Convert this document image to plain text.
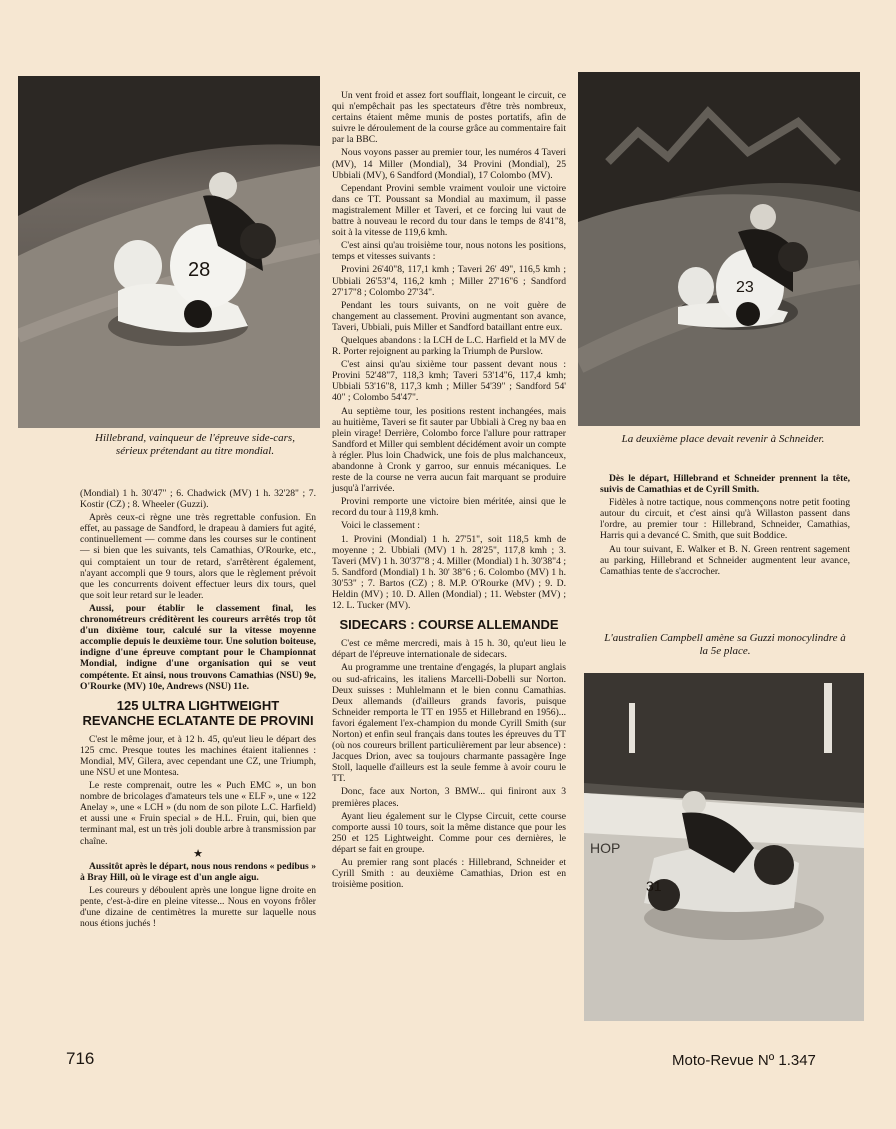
28
Hillebrand, vainqueur de l'épreuve side-cars, sérieux prétendant au titre mondial.
23
La deuxième place devait revenir à Schneider.
31
HOP

(Mondial) 1 h. 30'47" ; 6. Chadwick (MV) 1 h. 32'28" ; 7. Kostir (CZ) ; 8. Wheeler (Guzzi).

Après ceux-ci règne une très regrettable confusion. En effet, au passage de Sandford, le drapeau à damiers fut agité, continuellement — comme dans les courses sur le continent — si bien que les suivants, tels Camathias, O'Rourke, etc., qui comptaient un tour de retard, s'arrêtèrent également, n'ayant accompli que 9 tours, alors que le règlement prévoit que les concurrents doivent effectuer leurs dix tours, quel que soit leur retard sur le leader.

Aussi, pour établir le classement final, les chronométreurs créditèrent les coureurs arrêtés trop tôt d'un dixième tour, calculé sur la vitesse moyenne accomplie depuis le deuxième tour. Une solution boiteuse, indigne d'une épreuve comptant pour le Championnat Mondial, indigne d'une organisation qui se veut compétente. Et ainsi, nous trouvons Camathias (NSU) 9e, O'Rourke (MV) 10e, Andrews (NSU) 11e.

125 ULTRA LIGHTWEIGHT REVANCHE ECLATANTE DE PROVINI

C'est le même jour, et à 12 h. 45, qu'eut lieu le départ des 125 cmc. Presque toutes les machines étaient italiennes : Mondial, MV, Gilera, avec cependant une CZ, une Triumph, une NSU et une Montesa.

Le reste comprenait, outre les « Puch EMC », un bon nombre de bricolages d'amateurs tels une « ELF », une « 122 Anelay », une « LCH » (du nom de son pilote L.C. Harfield) et aussi une « Fruin special » de H.L. Fruin, qui, bien que terminant mal, est un très joli double arbre à transmission par chaîne.

★

Aussitôt après le départ, nous nous rendons « pedibus » à Bray Hill, où le virage est d'un angle aigu.

Les coureurs y déboulent après une longue ligne droite en pente, c'est-à-dire en pleine vitesse... Nous en voyons frôler d'une dizaine de centimètres la murette sur laquelle nous nous étions juchés !

Un vent froid et assez fort soufflait, longeant le circuit, ce qui n'empêchait pas les spectateurs d'être très nombreux, certains étaient même munis de postes portatifs, afin de suivre le déroulement de la course grâce au commentaire fait par la BBC.

Nous voyons passer au premier tour, les numéros 4 Taveri (MV), 14 Miller (Mondial), 34 Provini (Mondial), 25 Ubbiali (MV), 6 Sandford (Mondial), 17 Colombo (MV).

Cependant Provini semble vraiment vouloir une victoire dans ce TT. Poussant sa Mondial au maximum, il passe magistralement Miller et Taveri, et ce forcing lui vaut de battre à nouveau le record du tour dans le temps de 8'41"8, soit à la vitesse de 119,6 kmh.

C'est ainsi qu'au troisième tour, nous notons les positions, temps et vitesses suivants :

Provini 26'40"8, 117,1 kmh ; Taveri 26' 49", 116,5 kmh ; Ubbiali 26'53"4, 116,2 kmh ; Miller 27'16"6 ; Sandford 27'17"8 ; Colombo 27'34".

Pendant les tours suivants, on ne voit guère de changement au classement. Provini augmentant son avance, Taveri, Ubbiali, puis Miller et Sandford bataillant entre eux.

Quelques abandons : la LCH de L.C. Harfield et la MV de R. Porter rejoignent au parking la Triumph de Purslow.

C'est ainsi qu'au sixième tour passent devant nous : Provini 52'48"7, 118,3 kmh; Taveri 53'14"6, 117,4 kmh; Ubbiali 53'16"8, 117,3 kmh ; Miller 54'39" ; Sandford 54' 40" ; Colombo 54'47".

Au septième tour, les positions restent inchangées, mais au huitième, Taveri se fit sauter par Ubbiali à Creg ny baa en plein virage! Derrière, Colombo force l'allure pour rattraper Sandford et Miller qui semblent décidément avoir un compte à régler. Plus loin Chadwick, une fois de plus malchanceux, abandonne à Cronk y garroo, sur ennuis mécaniques. Le reste de la course ne verra aucun fait marquant se produire jusqu'à l'arrivée.

Provini remporte une victoire bien méritée, ainsi que le record du tour à 119,8 kmh.

Voici le classement :

1. Provini (Mondial) 1 h. 27'51", soit 118,5 kmh de moyenne ; 2. Ubbiali (MV) 1 h. 28'25", 117,8 kmh ; 3. Taveri (MV) 1 h. 30'37"8 ; 4. Miller (Mondial) 1 h. 30'38"4 ; 5. Sandford (Mondial) 1 h. 30' 38"6 ; 6. Colombo (MV) 1 h. 30'53" ; 7. Bartos (CZ) ; 8. M.P. O'Rourke (MV) ; 9. D. Heldin (MV) ; 10. D. Allen (Mondial) ; 11. Webster (MV) ; 12. L. Tucker (MV).

SIDECARS : COURSE ALLEMANDE

C'est ce même mercredi, mais à 15 h. 30, qu'eut lieu le départ de l'épreuve internationale de sidecars.

Au programme une trentaine d'engagés, la plupart anglais ou sud-africains, les italiens Marcelli-Dobelli sur Norton. Deux suisses : Muhlelmann et le bien connu Camathias. Deux allemands (d'ailleurs grands favoris, puisque Schneider remporta le TT en 1955 et Hillebrand en 1956)... favori également l'ex-champion du monde Cyrill Smith (sur Norton) et enfin seul français dans toutes les épreuves du TT (où nos coureurs brillent particulièrement par leur absence) : Jacques Drion, avec sa toujours charmante passagère Inge Stoll, laquelle d'ailleurs est la seule femme à avoir couru le TT.

Donc, face aux Norton, 3 BMW... qui finiront aux 3 premières places.

Ayant lieu également sur le Clypse Circuit, cette course comporte aussi 10 tours, soit la même distance que pour les 250 et 125 Lightweight. Comme pour ces dernières, le départ se fait en groupe.

Au premier rang sont placés : Hillebrand, Schneider et Cyrill Smith : au deuxième Camathias, Drion est en troisième position.

Dès le départ, Hillebrand et Schneider prennent la tête, suivis de Camathias et de Cyrill Smith.

Fidèles à notre tactique, nous commençons notre petit footing autour du circuit, et c'est ainsi qu'à Willaston passent dans l'ordre, au premier tour : Hillebrand, Schneider, Camathias, Harris qui a devancé C. Smith, que suit Boddice.

Au tour suivant, E. Walker et B. N. Green rentrent sagement au parking, Hillebrand et Schneider augmentent leur avance, Camathias tente de s'accrocher.

L'australien Campbell amène sa Guzzi monocylindre à la 5e place.
716	Moto-Revue Nº 1.347
